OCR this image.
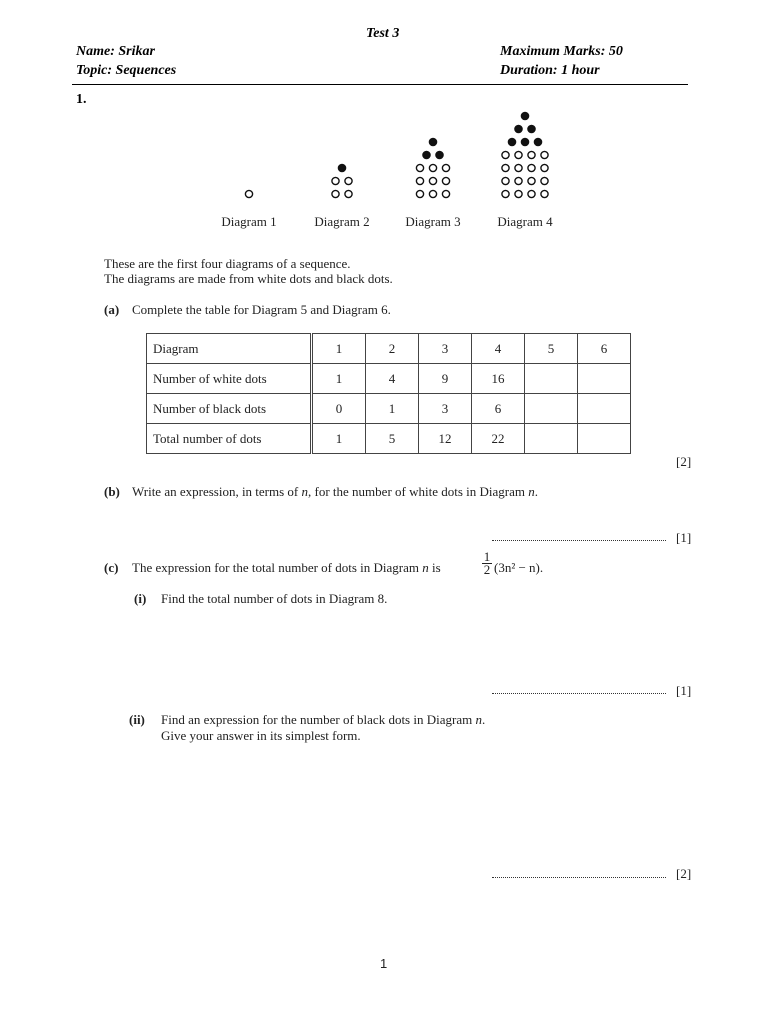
Test 3
Name: Srikar	Maximum Marks: 50
Topic: Sequences	Duration: 1 hour
1.
Diagram 1	Diagram 2	Diagram 3	Diagram 4
These are the first four diagrams of a sequence.
The diagrams are made from white dots and black dots.
(a) Complete the table for Diagram 5 and Diagram 6.
Diagram	1	2	3	4	5	6
Number of white dots	1	4	9	16		
Number of black dots	0	1	3	6		
Total number of dots	1	5	12	22		
[2]
(b) Write an expression, in terms of n, for the number of white dots in Diagram n.
[1]
(c) The expression for the total number of dots in Diagram n is	$\frac{1}{2} (3n^2 - n)$.
(i) Find the total number of dots in Diagram 8.
[1]
(ii) Find an expression for the number of black dots in Diagram n.
Give your answer in its simplest form.
[2]
1
